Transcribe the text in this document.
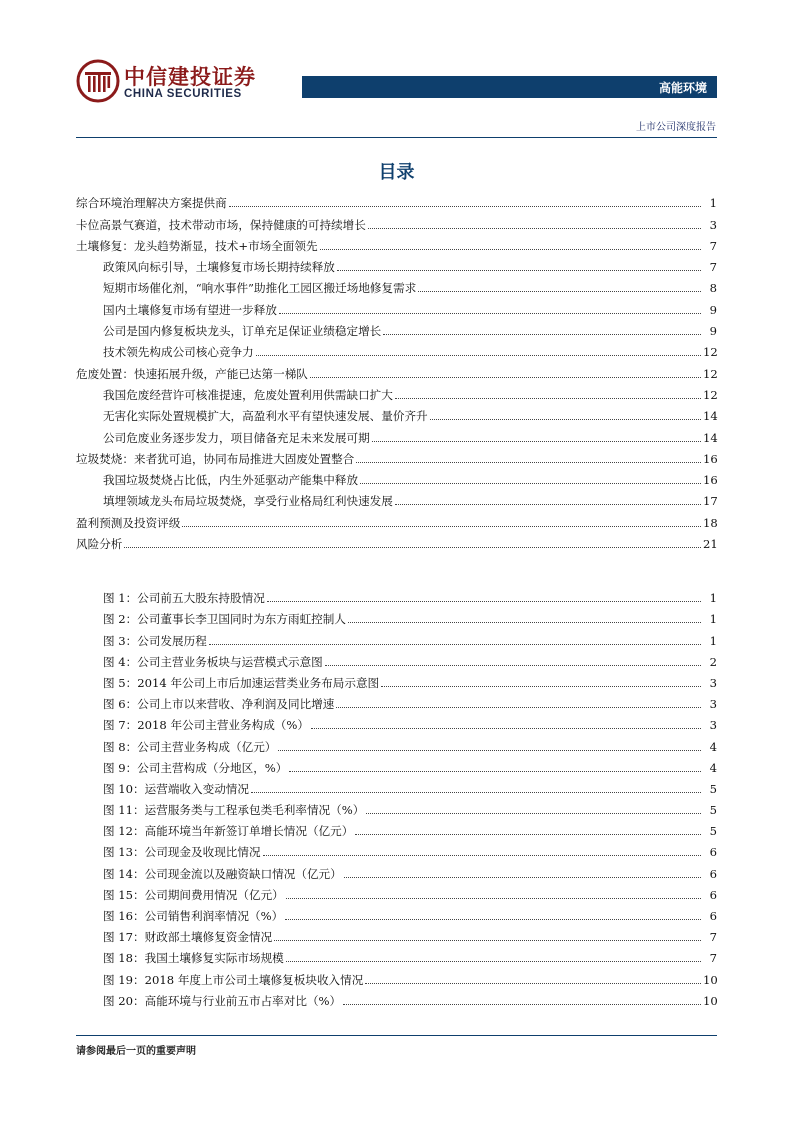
中信建投证券
CHINA SECURITIES	高能环境
上市公司深度报告
目录
综合环境治理解决方案提供商	1
卡位高景气赛道，技术带动市场，保持健康的可持续增长	3
土壤修复：龙头趋势渐显，技术+市场全面领先	7
政策风向标引导，土壤修复市场长期持续释放	7
短期市场催化剂，“响水事件”助推化工园区搬迁场地修复需求	8
国内土壤修复市场有望进一步释放	9
公司是国内修复板块龙头，订单充足保证业绩稳定增长	9
技术领先构成公司核心竞争力	12
危废处置：快速拓展升级，产能已达第一梯队	12
我国危废经营许可核准提速，危废处置利用供需缺口扩大	12
无害化实际处置规模扩大，高盈利水平有望快速发展、量价齐升	14
公司危废业务逐步发力，项目储备充足未来发展可期	14
垃圾焚烧：来者犹可追，协同布局推进大固废处置整合	16
我国垃圾焚烧占比低，内生外延驱动产能集中释放	16
填埋领域龙头布局垃圾焚烧，享受行业格局红利快速发展	17
盈利预测及投资评级	18
风险分析	21
图 1：公司前五大股东持股情况	1
图 2：公司董事长李卫国同时为东方雨虹控制人	1
图 3：公司发展历程	1
图 4：公司主营业务板块与运营模式示意图	2
图 5：2014 年公司上市后加速运营类业务布局示意图	3
图 6：公司上市以来营收、净利润及同比增速	3
图 7：2018 年公司主营业务构成（%）	3
图 8：公司主营业务构成（亿元）	4
图 9：公司主营构成（分地区，%）	4
图 10：运营端收入变动情况	5
图 11：运营服务类与工程承包类毛利率情况（%）	5
图 12：高能环境当年新签订单增长情况（亿元）	5
图 13：公司现金及收现比情况	6
图 14：公司现金流以及融资缺口情况（亿元）	6
图 15：公司期间费用情况（亿元）	6
图 16：公司销售利润率情况（%）	6
图 17：财政部土壤修复资金情况	7
图 18：我国土壤修复实际市场规模	7
图 19：2018 年度上市公司土壤修复板块收入情况	10
图 20：高能环境与行业前五市占率对比（%）	10
请参阅最后一页的重要声明
